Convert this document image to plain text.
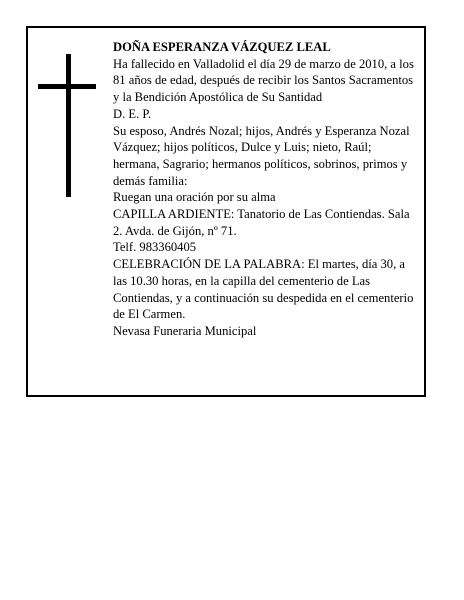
DOÑA ESPERANZA VÁZQUEZ LEAL

Ha fallecido en Valladolid el día 29 de marzo de 2010, a los 81 años de edad, después de recibir los Santos Sacramentos y la Bendición Apostólica de Su Santidad

D. E. P.

Su esposo, Andrés Nozal; hijos, Andrés y Esperanza Nozal Vázquez; hijos políticos, Dulce y Luis; nieto, Raúl; hermana, Sagrario; hermanos políticos, sobrinos, primos y demás familia:

Ruegan una oración por su alma

CAPILLA ARDIENTE: Tanatorio de Las Contiendas. Sala 2. Avda. de Gijón, nº 71.

Telf. 983360405

CELEBRACIÓN DE LA PALABRA: El martes, día 30, a las 10.30 horas, en la capilla del cementerio de Las Contiendas, y a continuación su despedida en el cementerio de El Carmen.

Nevasa Funeraria Municipal
